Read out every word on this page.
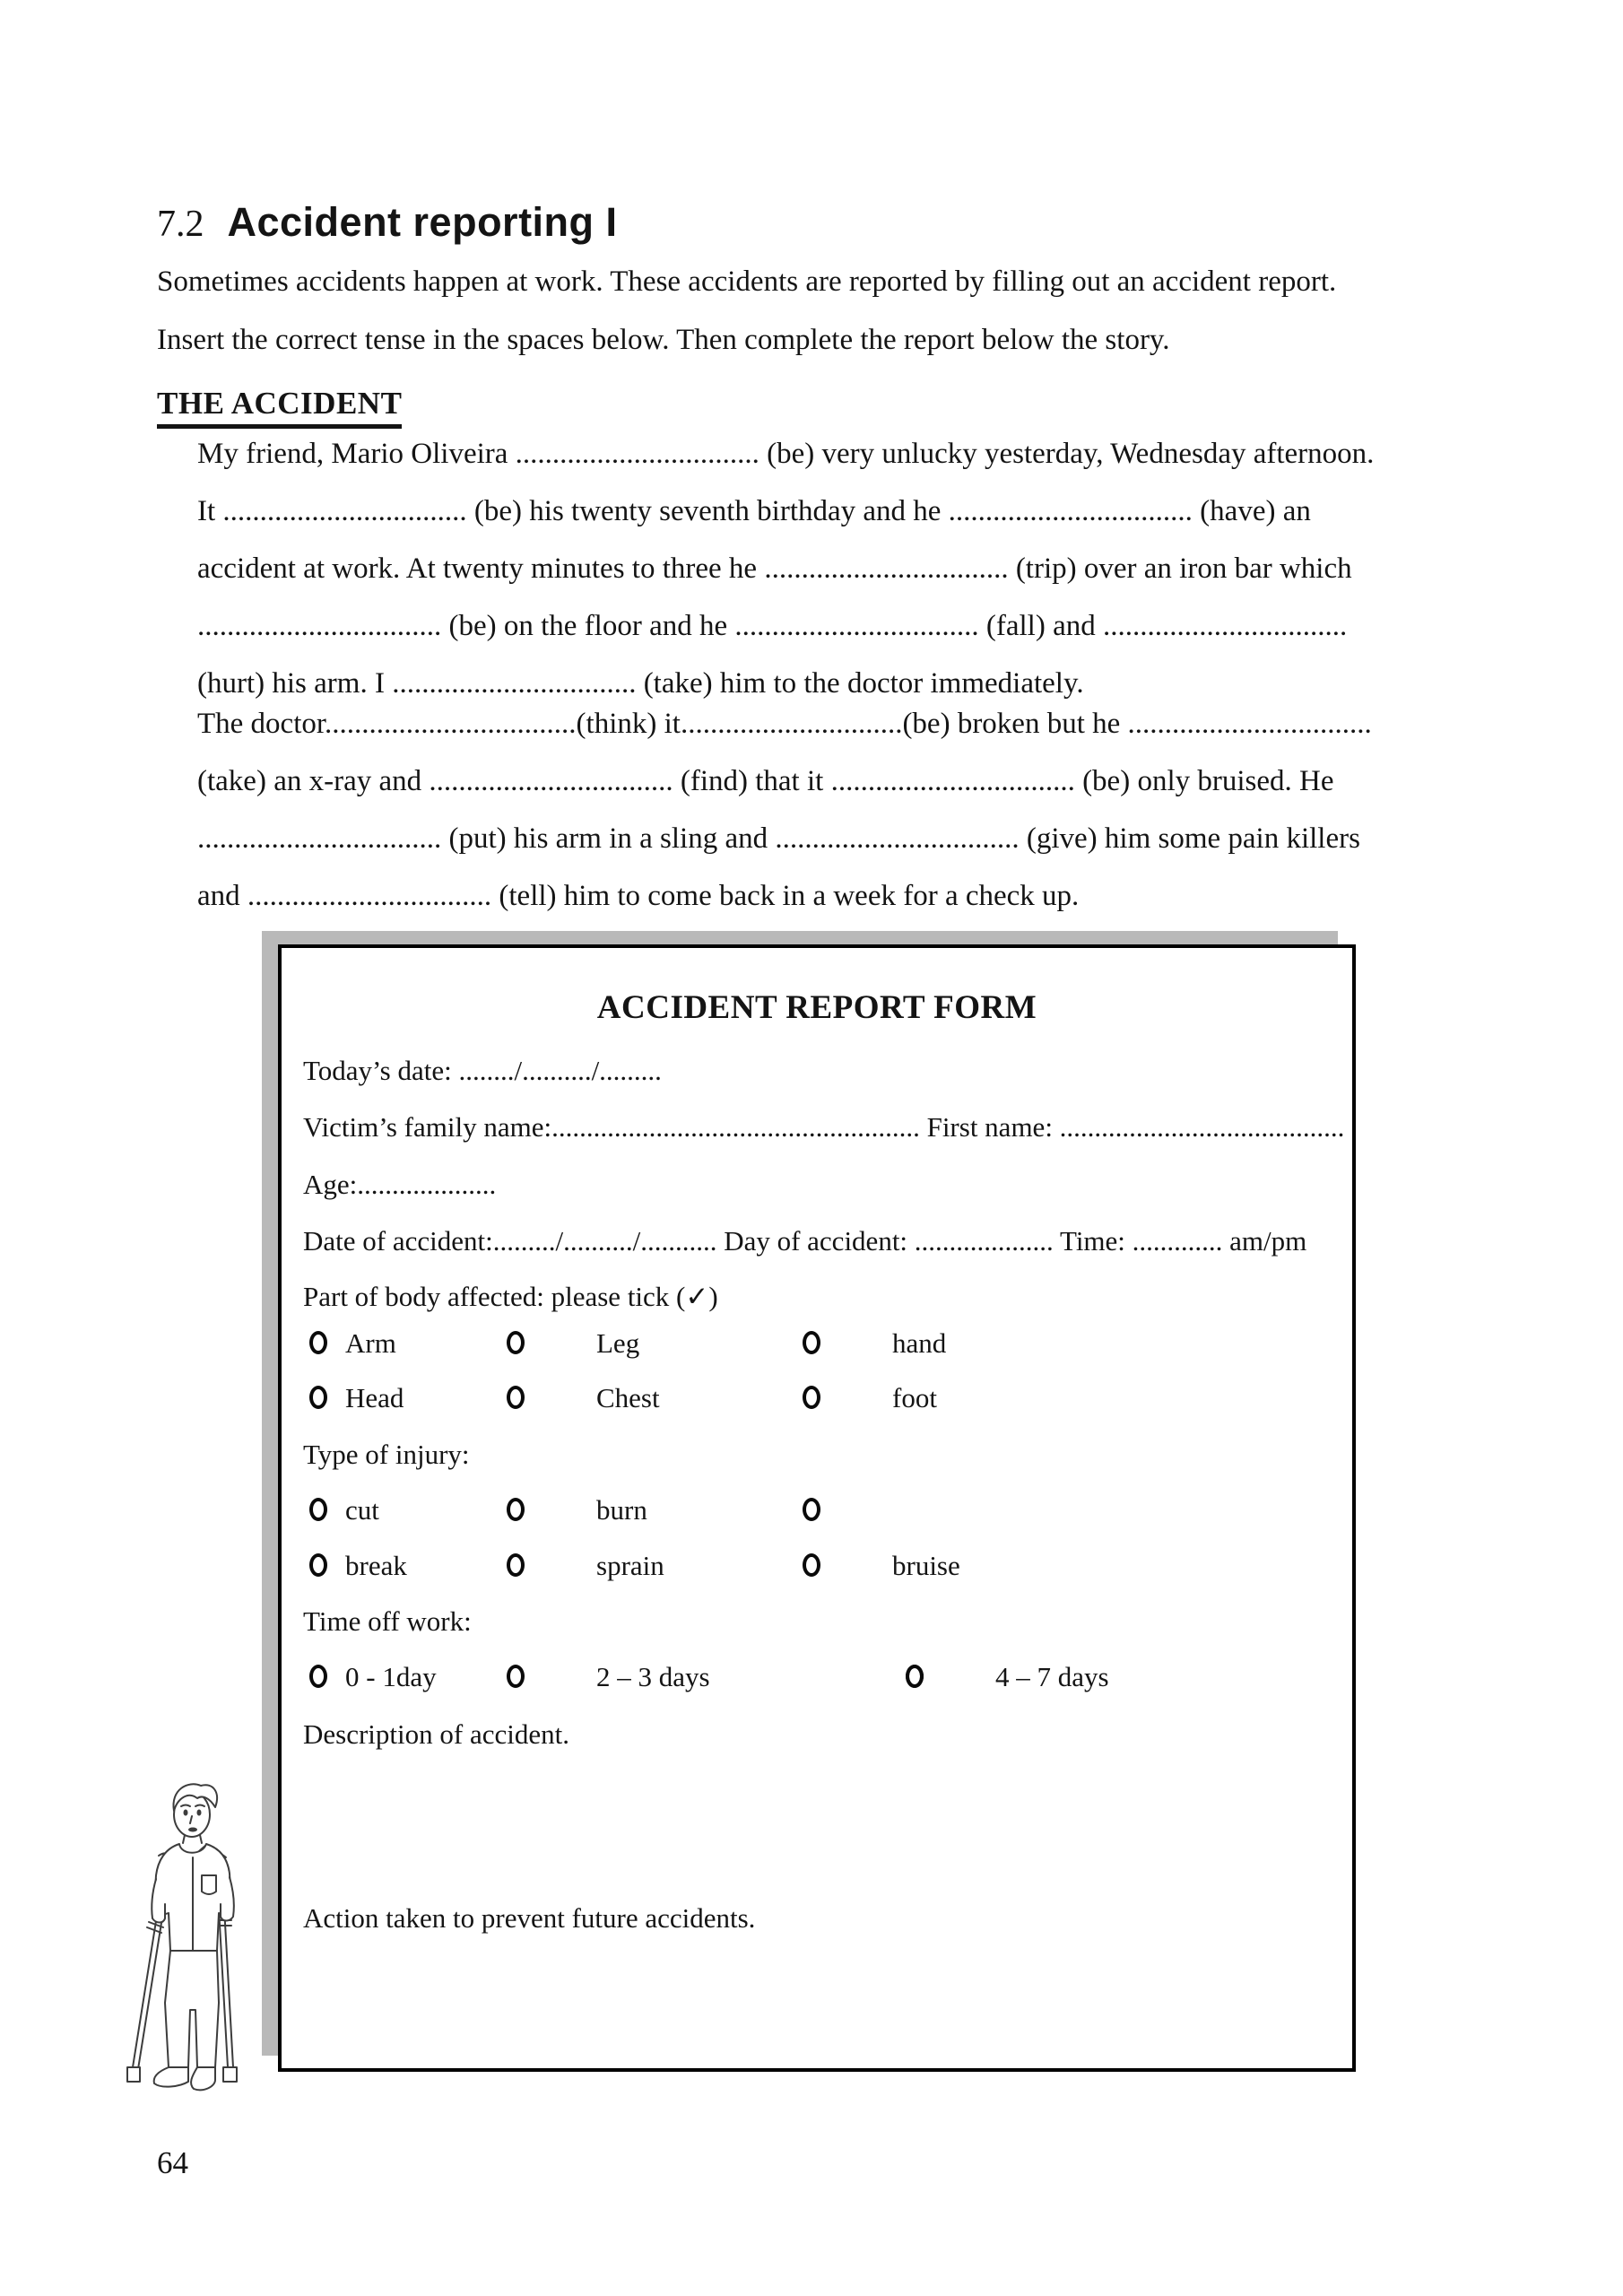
7.2 Accident reporting I
Sometimes accidents happen at work. These accidents are reported by filling out an accident report.
Insert the correct tense in the spaces below. Then complete the report below the story.
THE ACCIDENT
My friend, Mario Oliveira ................................. (be) very unlucky yesterday, Wednesday afternoon.
It ................................. (be) his twenty seventh birthday and he ................................. (have) an
accident at work. At twenty minutes to three he ................................. (trip) over an iron bar which
................................. (be) on the floor and he ................................. (fall) and .................................
(hurt) his arm. I ................................. (take) him to the doctor immediately.
The doctor..................................(think) it..............................(be) broken but he .................................
(take) an x-ray and ................................. (find) that it ................................. (be) only bruised. He
................................. (put) his arm in a sling and ................................. (give) him some pain killers
and ................................. (tell) him to come back in a week for a check up.
ACCIDENT REPORT FORM
Today’s date: ......../........../.........
Victim’s family name:..................................................... First name: .........................................
Age:....................
Date of accident:........./........../........... Day of accident: .................... Time: ............. am/pm
Part of body affected: please tick (✓)
Arm	Leg	hand
Head	Chest	foot
Type of injury:
cut	burn
break	sprain	bruise
Time off work:
0 - 1day	2 – 3 days	4 – 7 days
Description of accident.
Action taken to prevent future accidents.
64
